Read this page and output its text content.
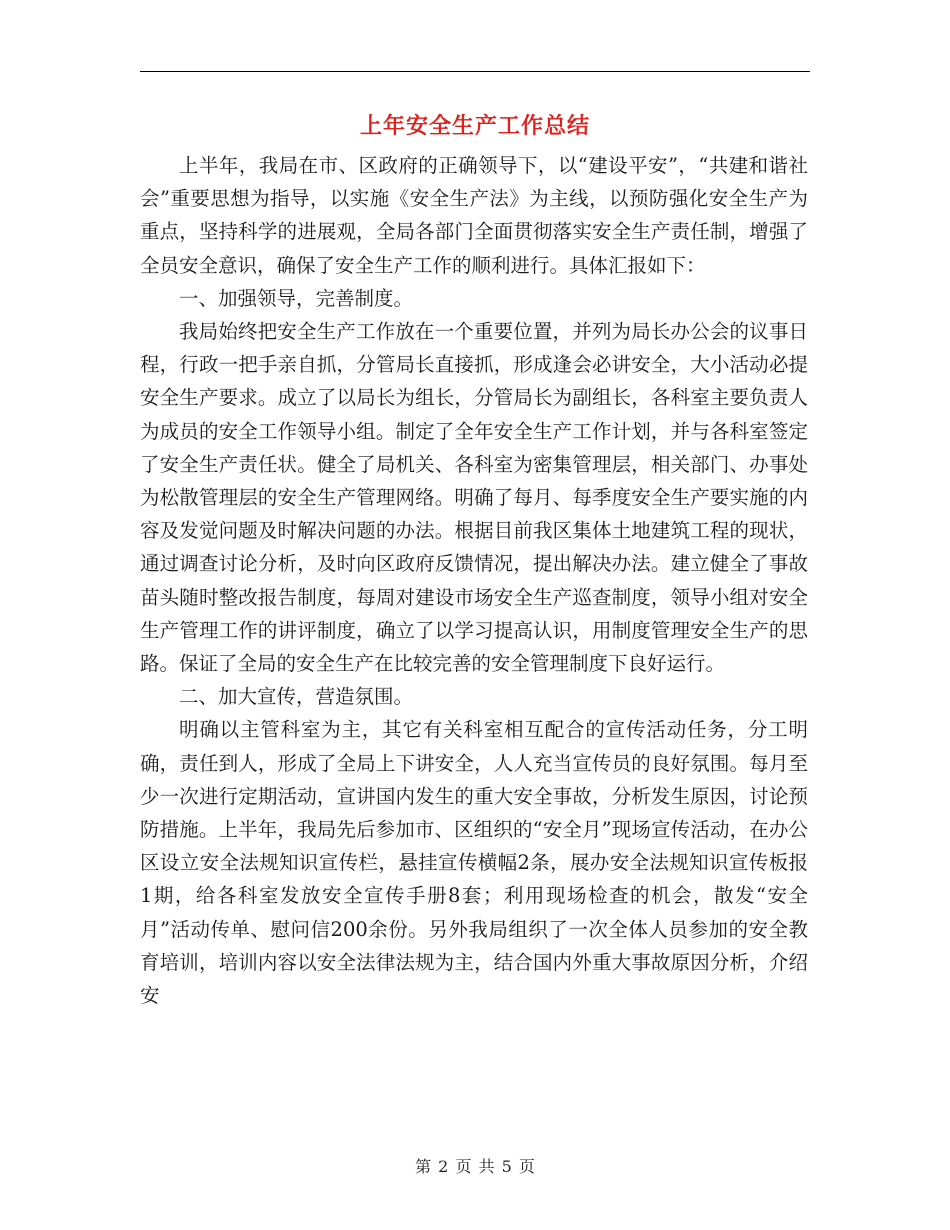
上年安全生产工作总结

上半年，我局在市、区政府的正确领导下，以“建设平安”，“共建和谐社会”重要思想为指导，以实施《安全生产法》为主线，以预防强化安全生产为重点，坚持科学的进展观，全局各部门全面贯彻落实安全生产责任制，增强了全员安全意识，确保了安全生产工作的顺利进行。具体汇报如下：

一、加强领导，完善制度。

我局始终把安全生产工作放在一个重要位置，并列为局长办公会的议事日程，行政一把手亲自抓，分管局长直接抓，形成逢会必讲安全，大小活动必提安全生产要求。成立了以局长为组长，分管局长为副组长，各科室主要负责人为成员的安全工作领导小组。制定了全年安全生产工作计划，并与各科室签定了安全生产责任状。健全了局机关、各科室为密集管理层，相关部门、办事处为松散管理层的安全生产管理网络。明确了每月、每季度安全生产要实施的内容及发觉问题及时解决问题的办法。根据目前我区集体土地建筑工程的现状，通过调查讨论分析，及时向区政府反馈情况，提出解决办法。建立健全了事故苗头随时整改报告制度，每周对建设市场安全生产巡查制度，领导小组对安全生产管理工作的讲评制度，确立了以学习提高认识，用制度管理安全生产的思路。保证了全局的安全生产在比较完善的安全管理制度下良好运行。

二、加大宣传，营造氛围。

明确以主管科室为主，其它有关科室相互配合的宣传活动任务，分工明确，责任到人，形成了全局上下讲安全，人人充当宣传员的良好氛围。每月至少一次进行定期活动，宣讲国内发生的重大安全事故，分析发生原因，讨论预防措施。上半年，我局先后参加市、区组织的“安全月”现场宣传活动，在办公区设立安全法规知识宣传栏，悬挂宣传横幅2条，展办安全法规知识宣传板报1期，给各科室发放安全宣传手册8套；利用现场检查的机会，散发“安全月”活动传单、慰问信200余份。另外我局组织了一次全体人员参加的安全教育培训，培训内容以安全法律法规为主，结合国内外重大事故原因分析，介绍安

第 2 页 共 5 页
